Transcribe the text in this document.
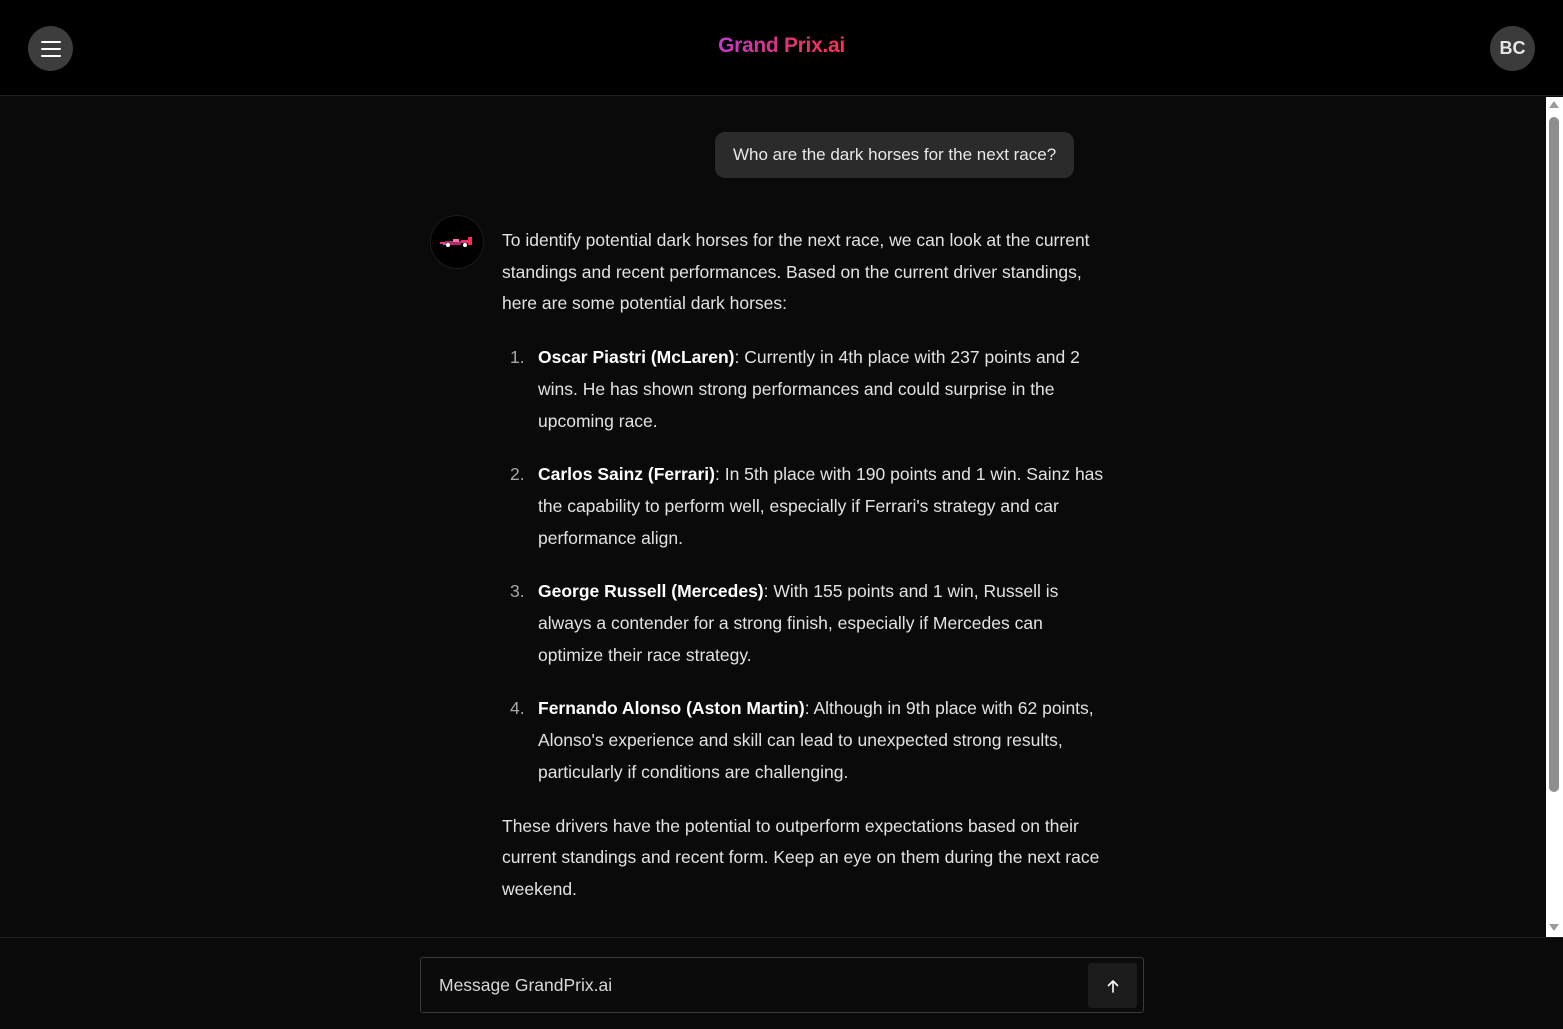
Grand Prix.ai	BC
Who are the dark horses for the next race?

To identify potential dark horses for the next race, we can look at the current standings and recent performances. Based on the current driver standings, here are some potential dark horses:

1. Oscar Piastri (McLaren): Currently in 4th place with 237 points and 2 wins. He has shown strong performances and could surprise in the upcoming race.
2. Carlos Sainz (Ferrari): In 5th place with 190 points and 1 win. Sainz has the capability to perform well, especially if Ferrari's strategy and car performance align.
3. George Russell (Mercedes): With 155 points and 1 win, Russell is always a contender for a strong finish, especially if Mercedes can optimize their race strategy.
4. Fernando Alonso (Aston Martin): Although in 9th place with 62 points, Alonso's experience and skill can lead to unexpected strong results, particularly if conditions are challenging.

These drivers have the potential to outperform expectations based on their current standings and recent form. Keep an eye on them during the next race weekend.

Message GrandPrix.ai
